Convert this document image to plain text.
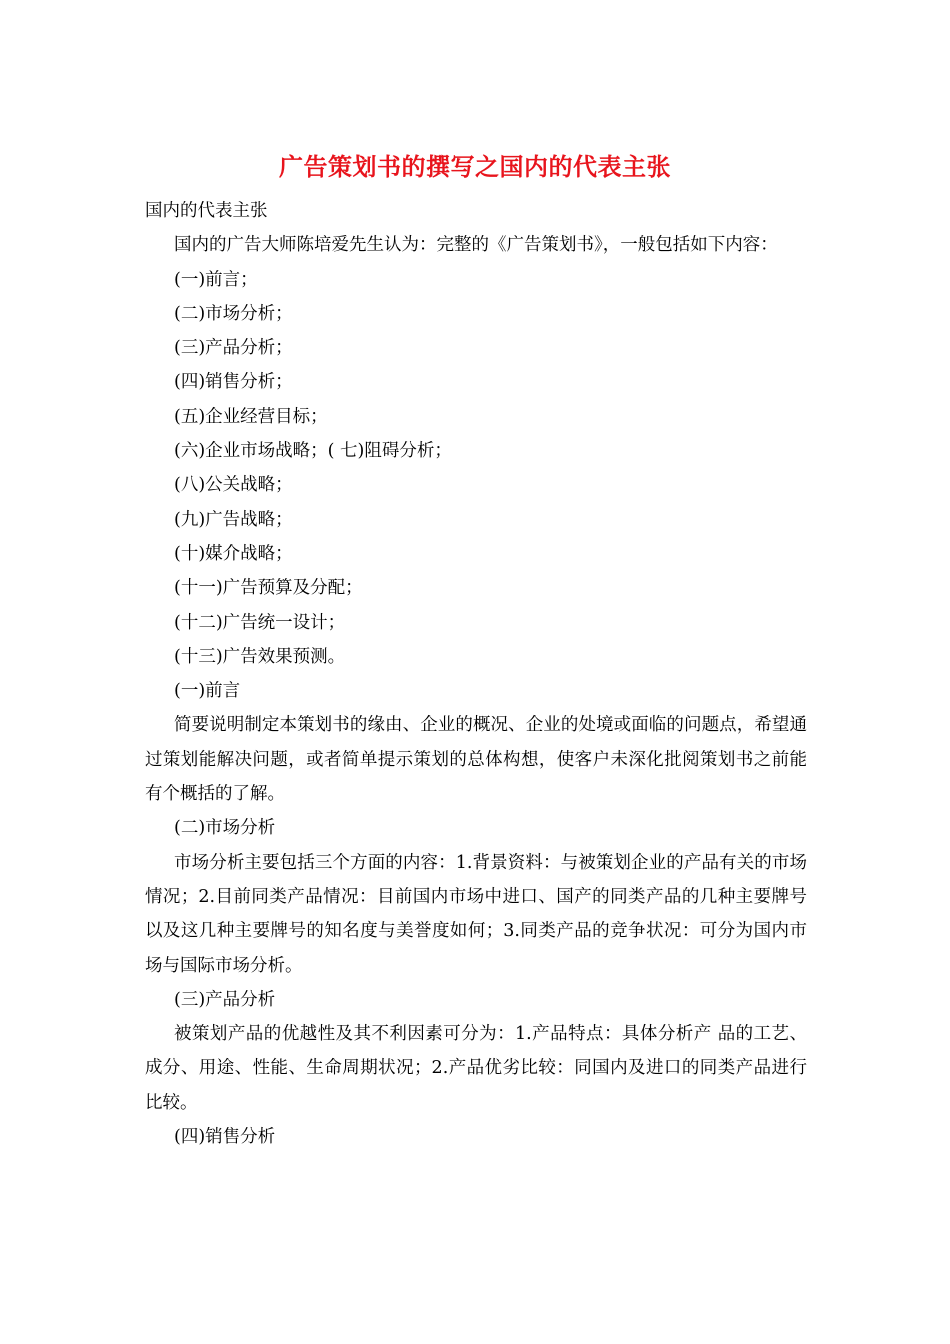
广告策划书的撰写之国内的代表主张

国内的代表主张

国内的广告大师陈培爱先生认为：完整的《广告策划书》，一般包括如下内容：

(一)前言；

(二)市场分析；

(三)产品分析；

(四)销售分析；

(五)企业经营目标；

(六)企业市场战略；( 七)阻碍分析；

(八)公关战略；

(九)广告战略；

(十)媒介战略；

(十一)广告预算及分配；

(十二)广告统一设计；

(十三)广告效果预测。

(一)前言

简要说明制定本策划书的缘由、企业的概况、企业的处境或面临的问题点，希望通过策划能解决问题，或者简单提示策划的总体构想，使客户未深化批阅策划书之前能有个概括的了解。

(二)市场分析

市场分析主要包括三个方面的内容：1.背景资料：与被策划企业的产品有关的市场情况；2.目前同类产品情况：目前国内市场中进口、国产的同类产品的几种主要牌号以及这几种主要牌号的知名度与美誉度如何；3.同类产品的竞争状况：可分为国内市场与国际市场分析。

(三)产品分析

被策划产品的优越性及其不利因素可分为：1.产品特点：具体分析产 品的工艺、成分、用途、性能、生命周期状况；2.产品优劣比较：同国内及进口的同类产品进行比较。

(四)销售分析
